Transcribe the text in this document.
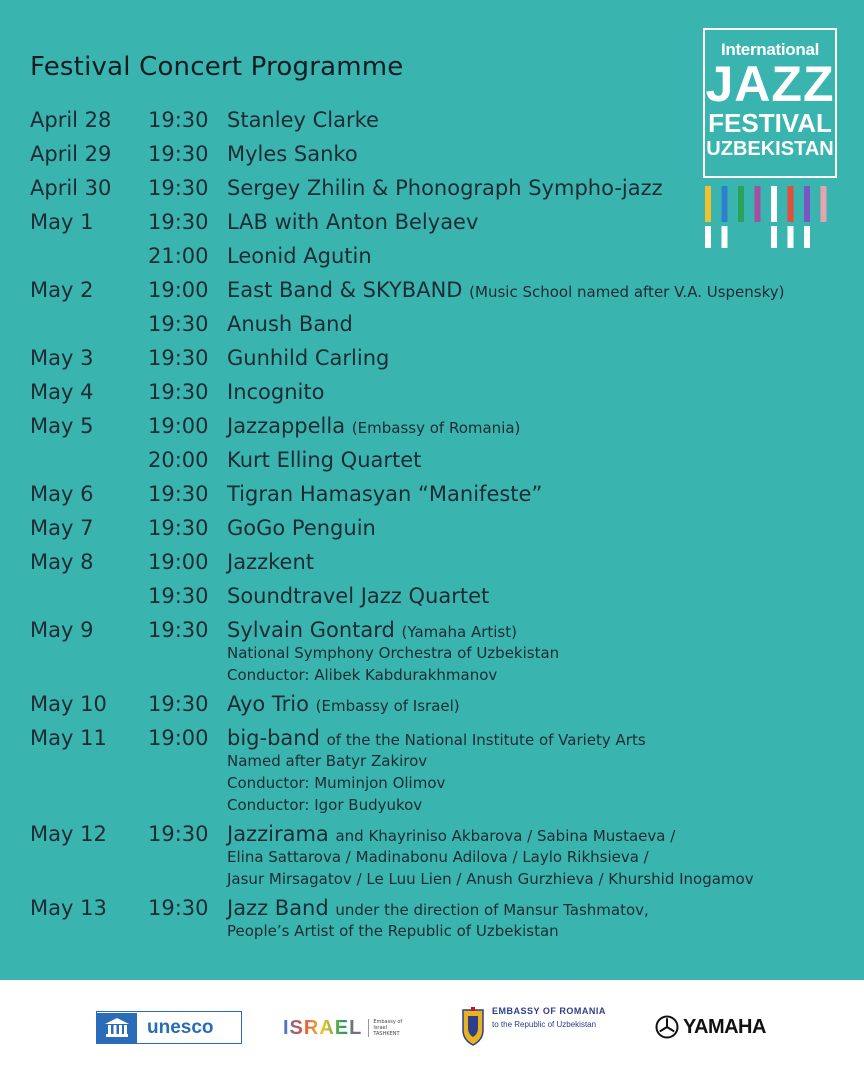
Festival Concert Programme
International
JAZZ
FESTIVAL
UZBEKISTAN
April 28	19:30 Stanley Clarke
April 29	19:30 Myles Sanko
April 30	19:30 Sergey Zhilin & Phonograph Sympho-jazz
May 1	19:30 LAB with Anton Belyaev
21:00 Leonid Agutin
May 2	19:00 East Band & SKYBAND (Music School named after V.A. Uspensky)
19:30 Anush Band
May 3	19:30 Gunhild Carling
May 4	19:30 Incognito
May 5	19:00 Jazzappella (Embassy of Romania)
20:00 Kurt Elling Quartet
May 6	19:30 Tigran Hamasyan “Manifeste”
May 7	19:30 GoGo Penguin
May 8	19:00 Jazzkent
19:30 Soundtravel Jazz Quartet
May 9	19:30 Sylvain Gontard (Yamaha Artist)
National Symphony Orchestra of Uzbekistan
Conductor: Alibek Kabdurakhmanov
May 10	19:30 Ayo Trio (Embassy of Israel)
May 11	19:00 big-band of the the National Institute of Variety Arts
Named after Batyr Zakirov
Conductor: Muminjon Olimov
Conductor: Igor Budyukov
May 12	19:30 Jazzirama and Khayriniso Akbarova / Sabina Mustaeva /
Elina Sattarova / Madinabonu Adilova / Laylo Rikhsieva /
Jasur Mirsagatov / Le Luu Lien / Anush Gurzhieva / Khurshid Inogamov
May 13	19:30 Jazz Band under the direction of Mansur Tashmatov,
People’s Artist of the Republic of Uzbekistan
unesco	ISRAEL	Embassy of Israel TASHKENT
EMBASSY OF ROMANIA
to the Republic of Uzbekistan	YAMAHA
